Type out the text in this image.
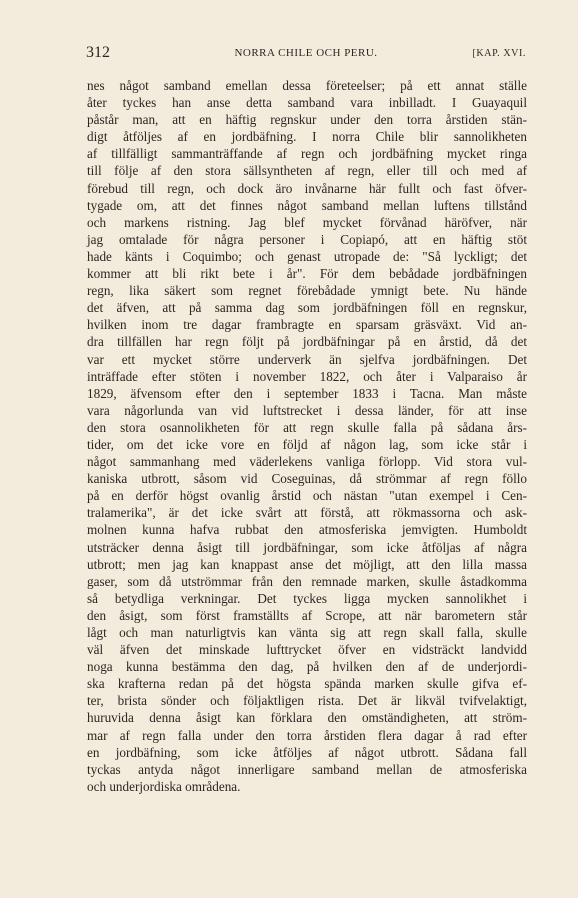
312	NORRA CHILE OCH PERU.	[KAP. XVI.
nes något samband emellan dessa företeelser; på ett annat ställe
åter tyckes han anse detta samband vara inbilladt. I Guayaquil
påstår man, att en häftig regnskur under den torra årstiden stän-
digt åtföljes af en jordbäfning. I norra Chile blir sannolikheten
af tillfälligt sammanträffande af regn och jordbäfning mycket ringa
till följe af den stora sällsyntheten af regn, eller till och med af
förebud till regn, och dock äro invånarne här fullt och fast öfver-
tygade om, att det finnes något samband mellan luftens tillstånd
och markens ristning. Jag blef mycket förvånad häröfver, när
jag omtalade för några personer i Copiapó, att en häftig stöt
hade känts i Coquimbo; och genast utropade de: "Så lyckligt; det
kommer att bli rikt bete i år". För dem bebådade jordbäfningen
regn, lika säkert som regnet förebådade ymnigt bete. Nu hände
det äfven, att på samma dag som jordbäfningen föll en regnskur,
hvilken inom tre dagar frambragte en sparsam gräsväxt. Vid an-
dra tillfällen har regn följt på jordbäfningar på en årstid, då det
var ett mycket större underverk än sjelfva jordbäfningen. Det
inträffade efter stöten i november 1822, och åter i Valparaiso år
1829, äfvensom efter den i september 1833 i Tacna. Man måste
vara någorlunda van vid luftstrecket i dessa länder, för att inse
den stora osannolikheten för att regn skulle falla på sådana års-
tider, om det icke vore en följd af någon lag, som icke står i
något sammanhang med väderlekens vanliga förlopp. Vid stora vul-
kaniska utbrott, såsom vid Coseguinas, då strömmar af regn föllo
på en derför högst ovanlig årstid och nästan "utan exempel i Cen-
tralamerika", är det icke svårt att förstå, att rökmassorna och ask-
molnen kunna hafva rubbat den atmosferiska jemvigten. Humboldt
utsträcker denna åsigt till jordbäfningar, som icke åtföljas af några
utbrott; men jag kan knappast anse det möjligt, att den lilla massa
gaser, som då utströmmar från den remnade marken, skulle åstadkomma
så betydliga verkningar. Det tyckes ligga mycken sannolikhet i
den åsigt, som först framställts af Scrope, att när barometern står
lågt och man naturligtvis kan vänta sig att regn skall falla, skulle
väl äfven det minskade lufttrycket öfver en vidsträckt landvidd
noga kunna bestämma den dag, på hvilken den af de underjordi-
ska krafterna redan på det högsta spända marken skulle gifva ef-
ter, brista sönder och följaktligen rista. Det är likväl tvifvelaktigt,
huruvida denna åsigt kan förklara den omständigheten, att ström-
mar af regn falla under den torra årstiden flera dagar å rad efter
en jordbäfning, som icke åtföljes af något utbrott. Sådana fall
tyckas antyda något innerligare samband mellan de atmosferiska
och underjordiska områdena.
